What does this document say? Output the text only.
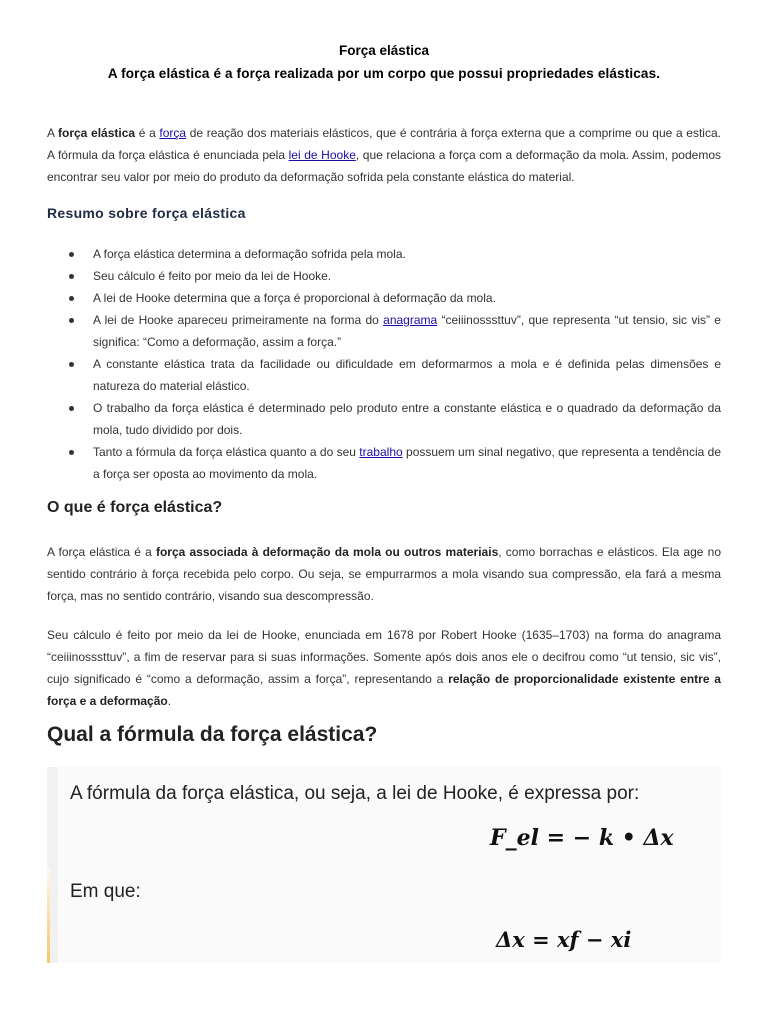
Força elástica
A força elástica é a força realizada por um corpo que possui propriedades elásticas.
A força elástica é a força de reação dos materiais elásticos, que é contrária à força externa que a comprime ou que a estica. A fórmula da força elástica é enunciada pela lei de Hooke, que relaciona a força com a deformação da mola. Assim, podemos encontrar seu valor por meio do produto da deformação sofrida pela constante elástica do material.
Resumo sobre força elástica
A força elástica determina a deformação sofrida pela mola.
Seu cálculo é feito por meio da lei de Hooke.
A lei de Hooke determina que a força é proporcional à deformação da mola.
A lei de Hooke apareceu primeiramente na forma do anagrama “ceiiinosssttuv”, que representa “ut tensio, sic vis” e significa: “Como a deformação, assim a força.”
A constante elástica trata da facilidade ou dificuldade em deformarmos a mola e é definida pelas dimensões e natureza do material elástico.
O trabalho da força elástica é determinado pelo produto entre a constante elástica e o quadrado da deformação da mola, tudo dividido por dois.
Tanto a fórmula da força elástica quanto a do seu trabalho possuem um sinal negativo, que representa a tendência de a força ser oposta ao movimento da mola.
O que é força elástica?
A força elástica é a força associada à deformação da mola ou outros materiais, como borrachas e elásticos. Ela age no sentido contrário à força recebida pelo corpo. Ou seja, se empurrarmos a mola visando sua compressão, ela fará a mesma força, mas no sentido contrário, visando sua descompressão.
Seu cálculo é feito por meio da lei de Hooke, enunciada em 1678 por Robert Hooke (1635–1703) na forma do anagrama “ceiiinosssttuv”, a fim de reservar para si suas informações. Somente após dois anos ele o decifrou como “ut tensio, sic vis”, cujo significado é “como a deformação, assim a força”, representando a relação de proporcionalidade existente entre a força e a deformação.
Qual a fórmula da força elástica?
A fórmula da força elástica, ou seja, a lei de Hooke, é expressa por:
F_el = − k • Δx
Em que:
Δx = xf − xi
